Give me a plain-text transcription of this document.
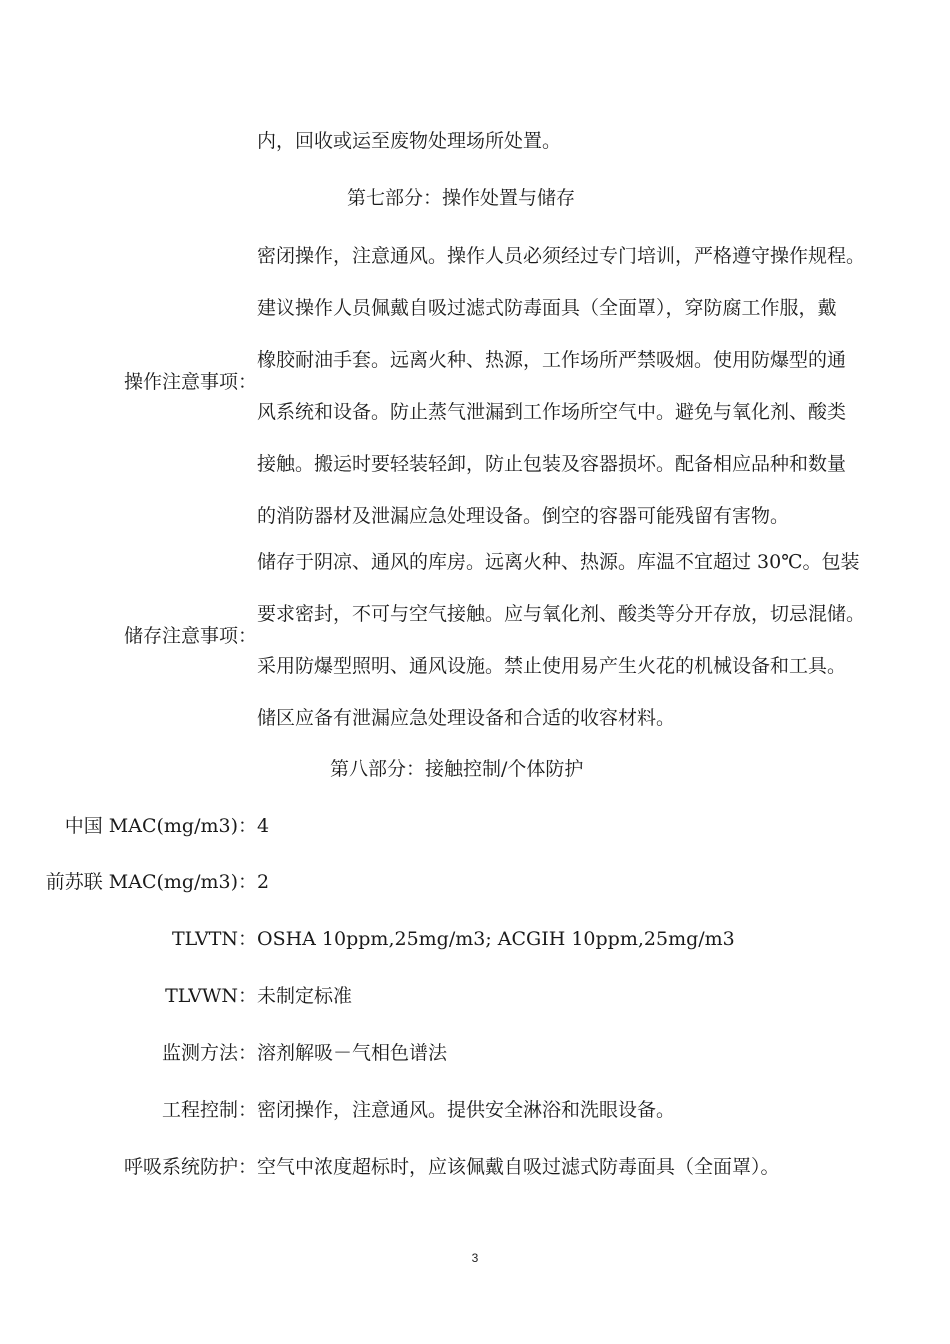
内，回收或运至废物处理场所处置。
第七部分：操作处置与储存
操作注意事项：
密闭操作，注意通风。操作人员必须经过专门培训，严格遵守操作规程。
建议操作人员佩戴自吸过滤式防毒面具（全面罩），穿防腐工作服，戴
橡胶耐油手套。远离火种、热源，工作场所严禁吸烟。使用防爆型的通
风系统和设备。防止蒸气泄漏到工作场所空气中。避免与氧化剂、酸类
接触。搬运时要轻装轻卸，防止包装及容器损坏。配备相应品种和数量
的消防器材及泄漏应急处理设备。倒空的容器可能残留有害物。
储存注意事项：
储存于阴凉、通风的库房。远离火种、热源。库温不宜超过 30℃。包装
要求密封，不可与空气接触。应与氧化剂、酸类等分开存放，切忌混储。
采用防爆型照明、通风设施。禁止使用易产生火花的机械设备和工具。
储区应备有泄漏应急处理设备和合适的收容材料。
第八部分：接触控制/个体防护
中国 MAC(mg/m3)： 4
前苏联 MAC(mg/m3)： 2
TLVTN： OSHA 10ppm,25mg/m3; ACGIH 10ppm,25mg/m3
TLVWN： 未制定标准
监测方法： 溶剂解吸－气相色谱法
工程控制： 密闭操作，注意通风。提供安全淋浴和洗眼设备。
呼吸系统防护： 空气中浓度超标时，应该佩戴自吸过滤式防毒面具（全面罩）。
3
